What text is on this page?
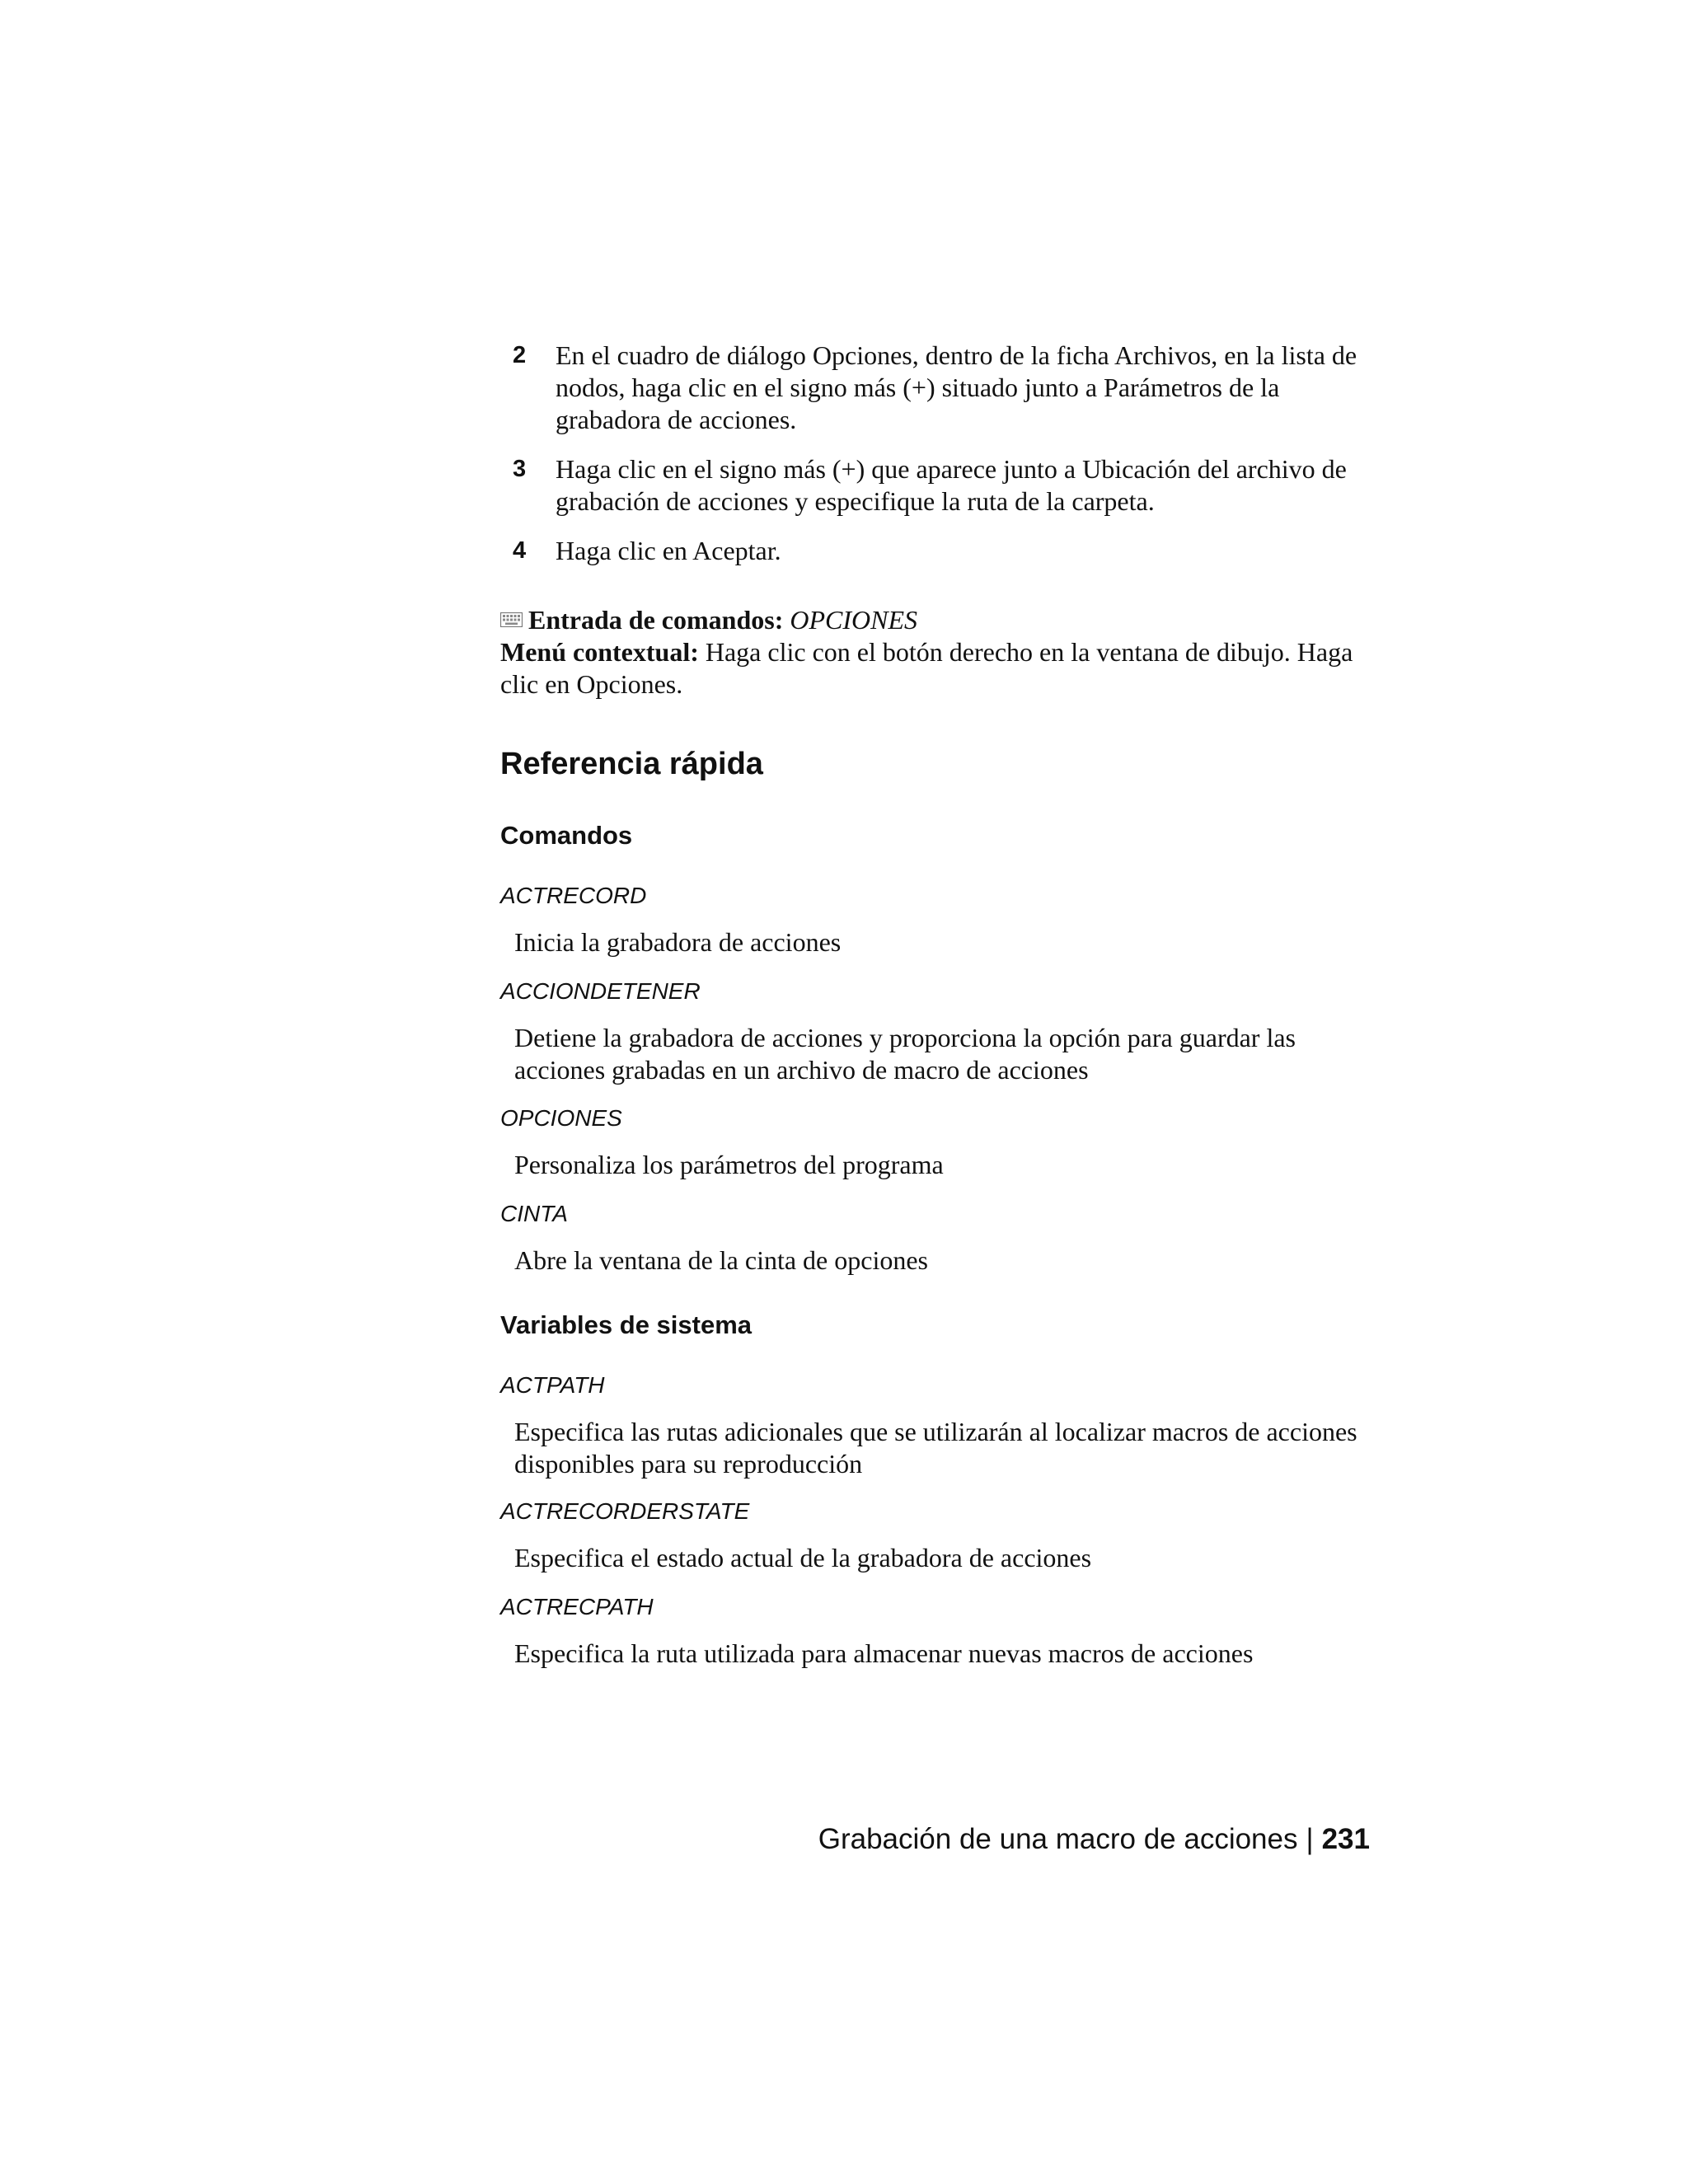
2 En el cuadro de diálogo Opciones, dentro de la ficha Archivos, en la lista de nodos, haga clic en el signo más (+) situado junto a Parámetros de la grabadora de acciones.
3 Haga clic en el signo más (+) que aparece junto a Ubicación del archivo de grabación de acciones y especifique la ruta de la carpeta.
4 Haga clic en Aceptar.
Entrada de comandos: OPCIONES
Menú contextual: Haga clic con el botón derecho en la ventana de dibujo. Haga clic en Opciones.
Referencia rápida
Comandos
ACTRECORD
Inicia la grabadora de acciones
ACCIONDETENER
Detiene la grabadora de acciones y proporciona la opción para guardar las acciones grabadas en un archivo de macro de acciones
OPCIONES
Personaliza los parámetros del programa
CINTA
Abre la ventana de la cinta de opciones
Variables de sistema
ACTPATH
Especifica las rutas adicionales que se utilizarán al localizar macros de acciones disponibles para su reproducción
ACTRECORDERSTATE
Especifica el estado actual de la grabadora de acciones
ACTRECPATH
Especifica la ruta utilizada para almacenar nuevas macros de acciones
Grabación de una macro de acciones | 231
